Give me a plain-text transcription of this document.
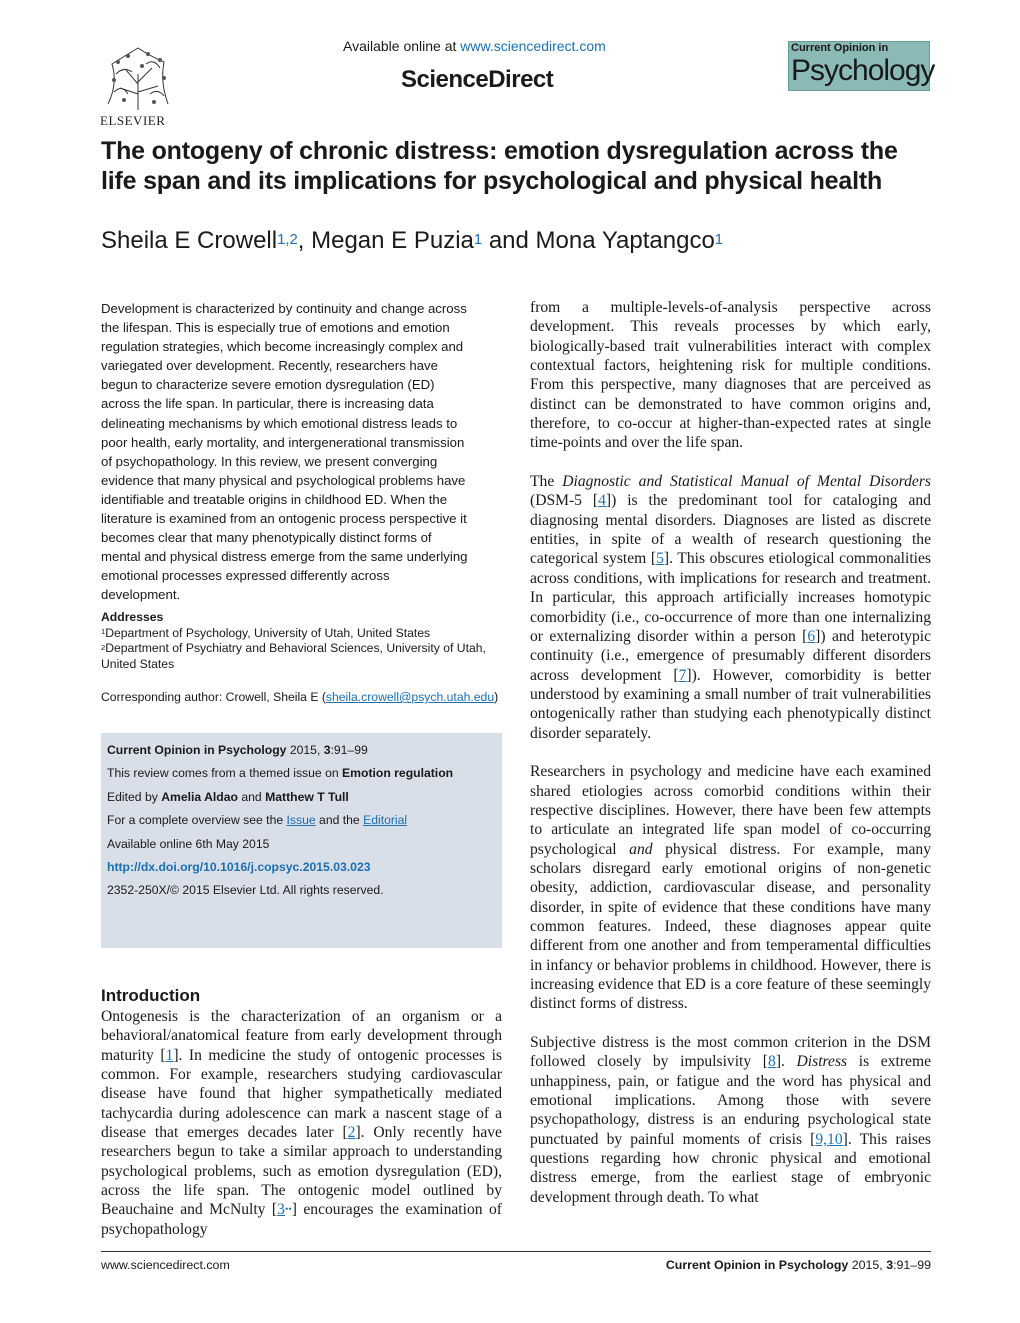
ELSEVIER
Available online at www.sciencedirect.com
ScienceDirect
Current Opinion in
Psychology
The ontogeny of chronic distress: emotion dysregulation across the life span and its implications for psychological and physical health
Sheila E Crowell$^{1,2}$, Megan E Puzia$^1$ and Mona Yaptangco$^1$
Development is characterized by continuity and change across
the lifespan. This is especially true of emotions and emotion
regulation strategies, which become increasingly complex and
variegated over development. Recently, researchers have
begun to characterize severe emotion dysregulation (ED)
across the life span. In particular, there is increasing data
delineating mechanisms by which emotional distress leads to
poor health, early mortality, and intergenerational transmission
of psychopathology. In this review, we present converging
evidence that many physical and psychological problems have
identifiable and treatable origins in childhood ED. When the
literature is examined from an ontogenic process perspective it
becomes clear that many phenotypically distinct forms of
mental and physical distress emerge from the same underlying
emotional processes expressed differently across
development.
Addresses
$^1$Department of Psychology, University of Utah, United States
$^2$Department of Psychiatry and Behavioral Sciences, University of Utah,
United States
Corresponding author: Crowell, Sheila E (sheila.crowell@psych.utah.edu)
Current Opinion in Psychology 2015, 3:91–99
This review comes from a themed issue on Emotion regulation
Edited by Amelia Aldao and Matthew T Tull
For a complete overview see the Issue and the Editorial
Available online 6th May 2015
http://dx.doi.org/10.1016/j.copsyc.2015.03.023
2352-250X/© 2015 Elsevier Ltd. All rights reserved.
Introduction
Ontogenesis is the characterization of an organism or a behavioral/anatomical feature from early development through maturity [1]. In medicine the study of ontogenic processes is common. For example, researchers studying cardiovascular disease have found that higher sympathetically mediated tachycardia during adolescence can mark a nascent stage of a disease that emerges decades later [2]. Only recently have researchers begun to take a similar approach to understanding psychological problems, such as emotion dysregulation (ED), across the life span. The ontogenic model outlined by Beauchaine and McNulty [3••] encourages the examination of psychopathology

from a multiple-levels-of-analysis perspective across development. This reveals processes by which early, biologically-based trait vulnerabilities interact with complex contextual factors, heightening risk for multiple conditions. From this perspective, many diagnoses that are perceived as distinct can be demonstrated to have common origins and, therefore, to co-occur at higher-than-expected rates at single time-points and over the life span.

The Diagnostic and Statistical Manual of Mental Disorders (DSM-5 [4]) is the predominant tool for cataloging and diagnosing mental disorders. Diagnoses are listed as discrete entities, in spite of a wealth of research questioning the categorical system [5]. This obscures etiological commonalities across conditions, with implications for research and treatment. In particular, this approach artificially increases homotypic comorbidity (i.e., co-occurrence of more than one internalizing or externalizing disorder within a person [6]) and heterotypic continuity (i.e., emergence of presumably different disorders across development [7]). However, comorbidity is better understood by examining a small number of trait vulnerabilities ontogenically rather than studying each phenotypically distinct disorder separately.

Researchers in psychology and medicine have each examined shared etiologies across comorbid conditions within their respective disciplines. However, there have been few attempts to articulate an integrated life span model of co-occurring psychological and physical distress. For example, many scholars disregard early emotional origins of non-genetic obesity, addiction, cardiovascular disease, and personality disorder, in spite of evidence that these conditions have many common features. Indeed, these diagnoses appear quite different from one another and from temperamental difficulties in infancy or behavior problems in childhood. However, there is increasing evidence that ED is a core feature of these seemingly distinct forms of distress.

Subjective distress is the most common criterion in the DSM followed closely by impulsivity [8]. Distress is extreme unhappiness, pain, or fatigue and the word has physical and emotional implications. Among those with severe psychopathology, distress is an enduring psychological state punctuated by painful moments of crisis [9,10]. This raises questions regarding how chronic physical and emotional distress emerge, from the earliest stage of embryonic development through death. To what

www.sciencedirect.com	Current Opinion in Psychology 2015, 3:91–99
